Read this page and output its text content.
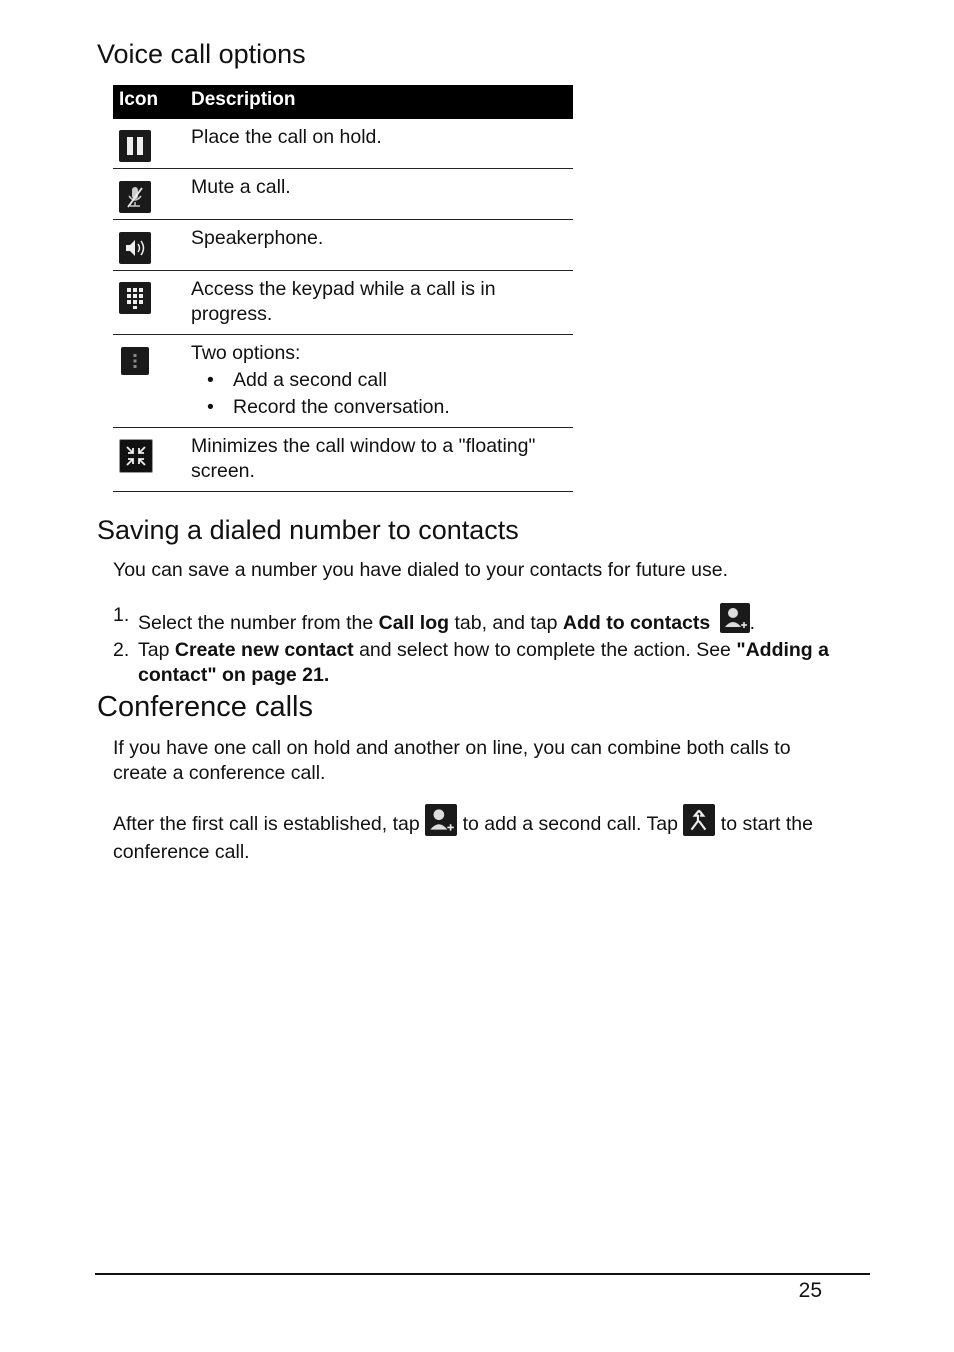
Voice call options
Icon Description
Place the call on hold.
Mute a call.
Speakerphone.
Access the keypad while a call is in progress.
Two options:
• Add a second call
• Record the conversation.
Minimizes the call window to a "floating" screen.
Saving a dialed number to contacts

You can save a number you have dialed to your contacts for future use.

1. Select the number from the Call log tab, and tap Add to contacts .
2. Tap Create new contact and select how to complete the action. See "Adding a contact" on page 21.
Conference calls

If you have one call on hold and another on line, you can combine both calls to create a conference call.

After the first call is established, tap
to add a second call. Tap
to start the conference call.

25
